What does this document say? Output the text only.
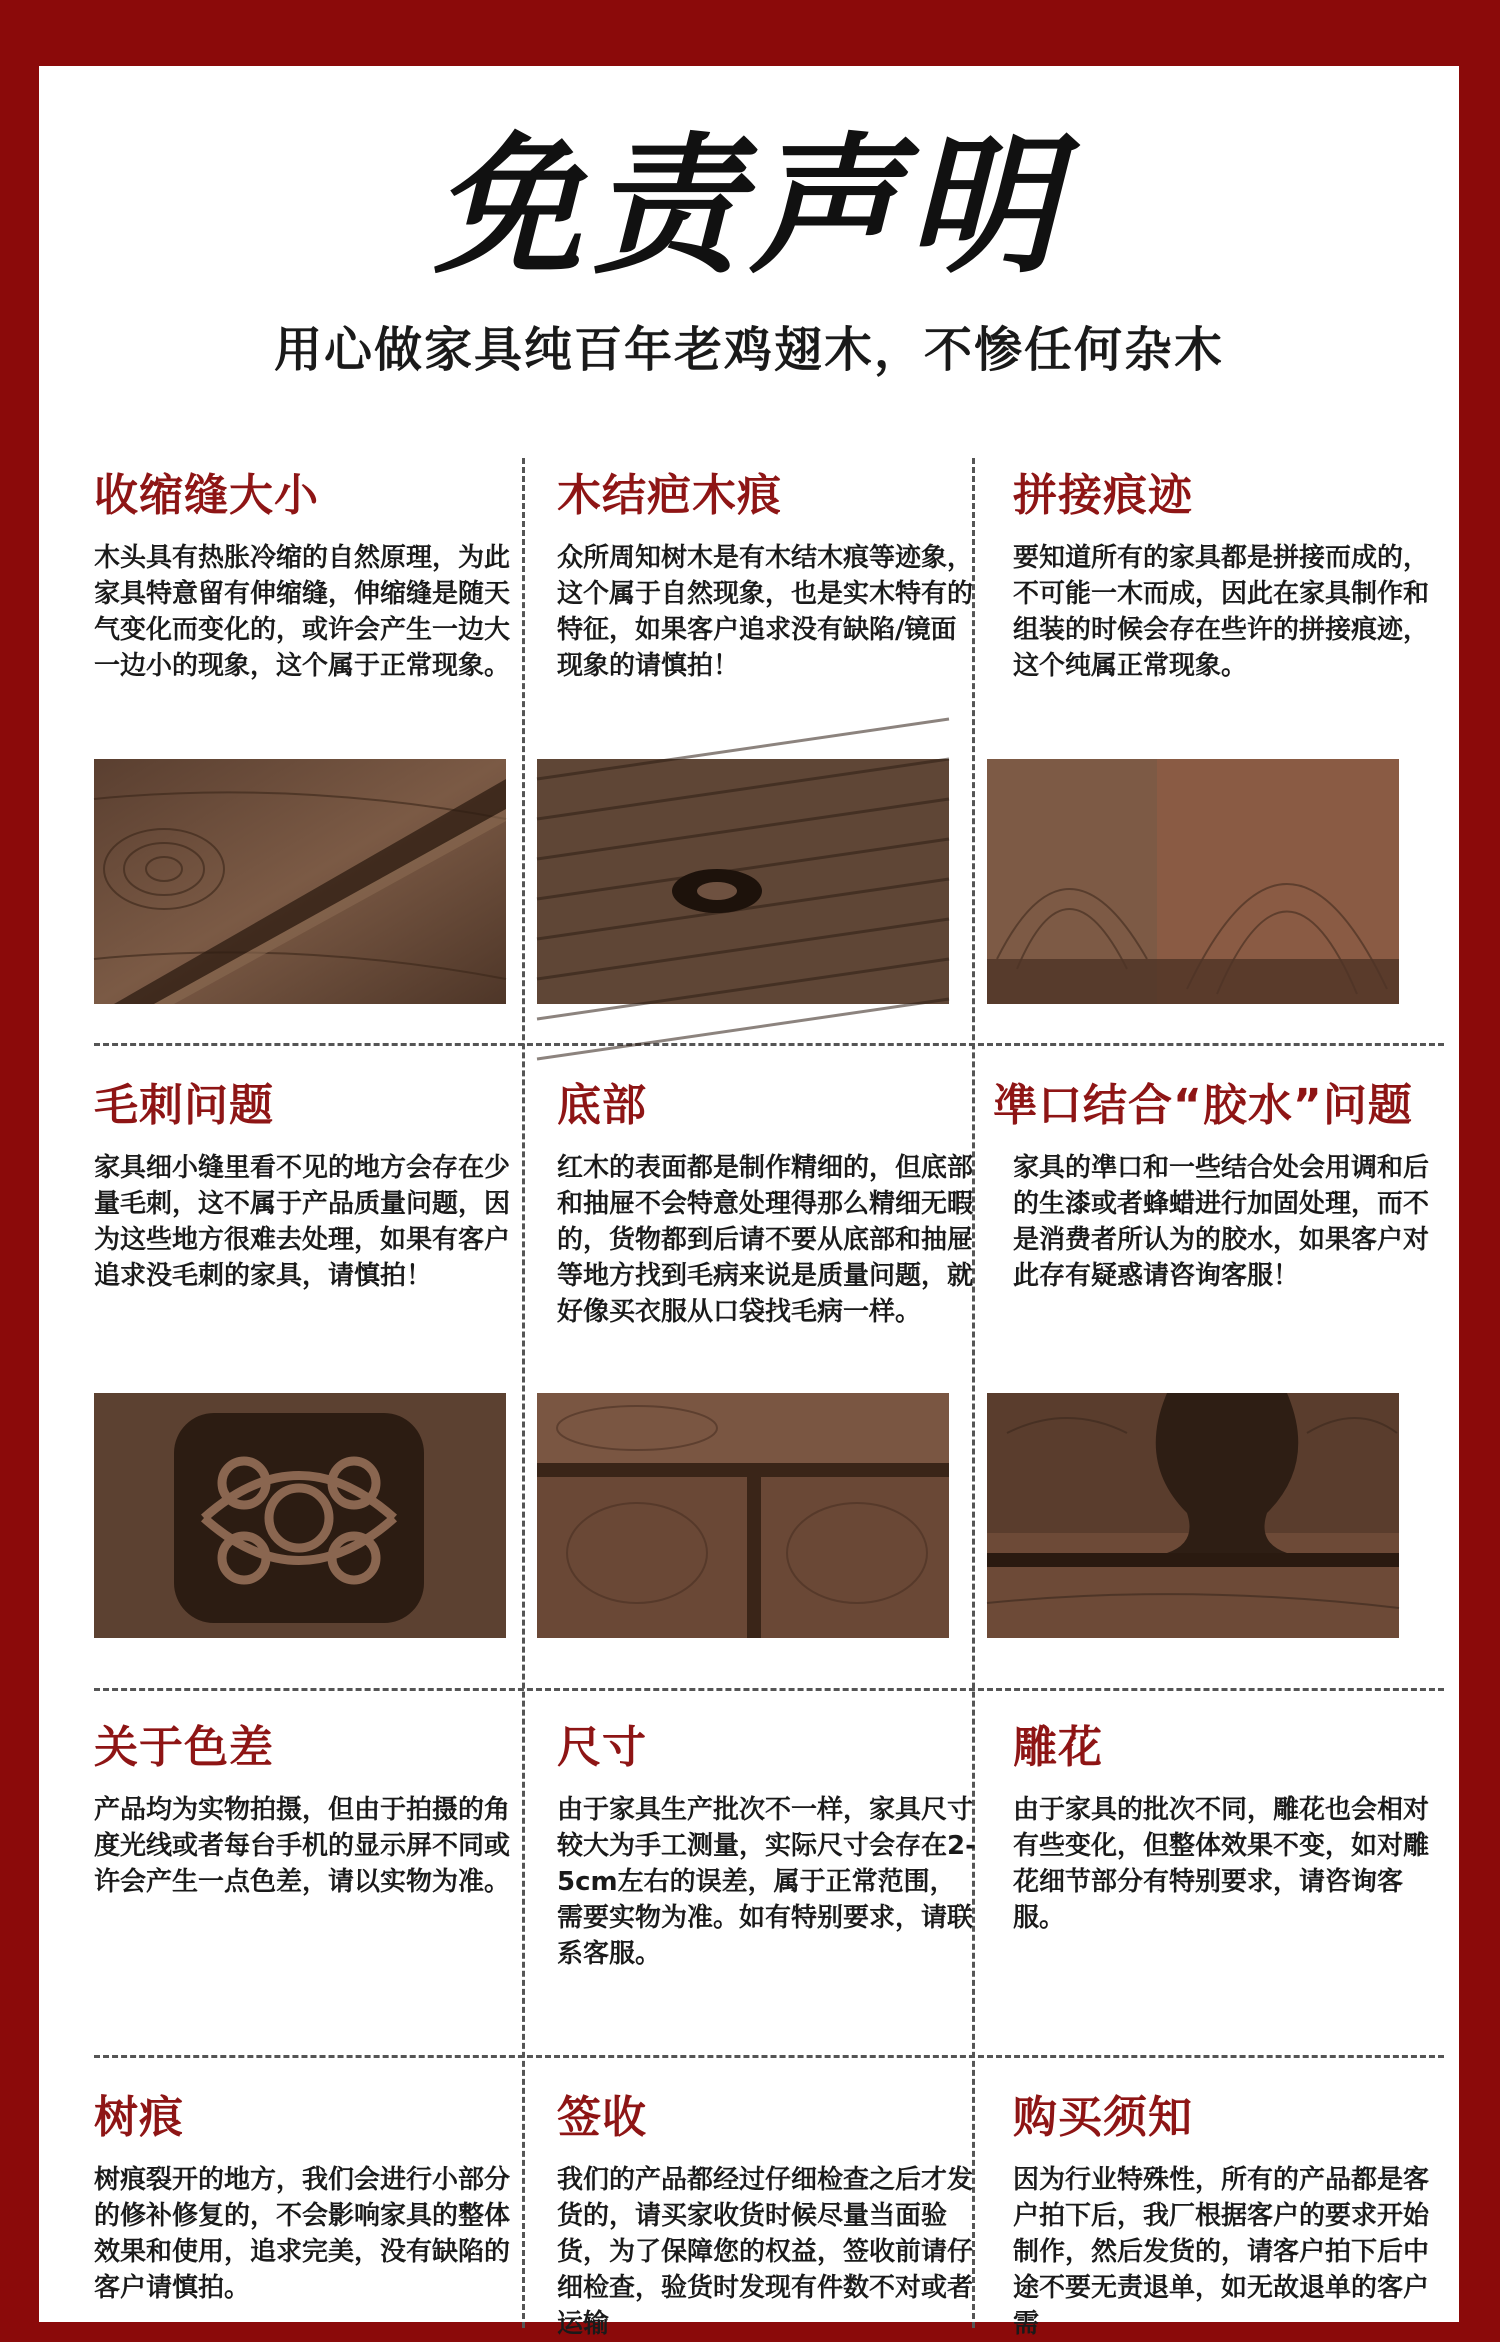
免责声明
用心做家具纯百年老鸡翅木，不惨任何杂木
收缩缝大小

木头具有热胀冷缩的自然原理，为此家具特意留有伸缩缝，伸缩缝是随天气变化而变化的，或许会产生一边大一边小的现象，这个属于正常现象。

木结疤木痕

众所周知树木是有木结木痕等迹象，这个属于自然现象，也是实木特有的特征，如果客户追求没有缺陷/镜面现象的请慎拍！

拼接痕迹

要知道所有的家具都是拼接而成的，不可能一木而成，因此在家具制作和组装的时候会存在些许的拼接痕迹，这个纯属正常现象。

毛刺问题

家具细小缝里看不见的地方会存在少量毛刺，这不属于产品质量问题，因为这些地方很难去处理，如果有客户追求没毛刺的家具，请慎拍！

底部

红木的表面都是制作精细的，但底部和抽屉不会特意处理得那么精细无暇的，货物都到后请不要从底部和抽屉等地方找到毛病来说是质量问题，就好像买衣服从口袋找毛病一样。

凖口结合“胶水”问题

家具的凖口和一些结合处会用调和后的生漆或者蜂蜡进行加固处理，而不是消费者所认为的胶水，如果客户对此存有疑惑请咨询客服！

关于色差

产品均为实物拍摄，但由于拍摄的角度光线或者每台手机的显示屏不同或许会产生一点色差，请以实物为准。

尺寸

由于家具生产批次不一样，家具尺寸较大为手工测量，实际尺寸会存在2-5cm左右的误差，属于正常范围，需要实物为准。如有特别要求，请联系客服。

雕花

由于家具的批次不同，雕花也会相对有些变化，但整体效果不变，如对雕花细节部分有特别要求，请咨询客服。

树痕

树痕裂开的地方，我们会进行小部分的修补修复的，不会影响家具的整体效果和使用，追求完美，没有缺陷的客户请慎拍。

签收

我们的产品都经过仔细检查之后才发货的，请买家收货时候尽量当面验货，为了保障您的权益，签收前请仔细检查，验货时发现有件数不对或者运输

购买须知

因为行业特殊性，所有的产品都是客户拍下后，我厂根据客户的要求开始制作，然后发货的，请客户拍下后中途不要无责退单，如无故退单的客户需
